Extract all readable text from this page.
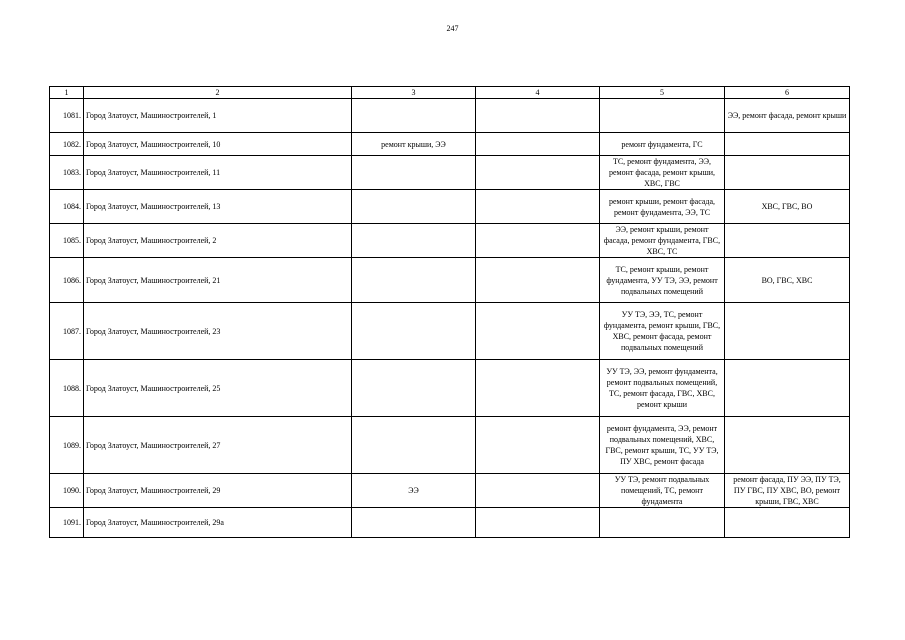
247
1	2	3	4	5	6
1081.	Город Златоуст, Машиностроителей, 1				ЭЭ, ремонт фасада, ремонт крыши
1082.	Город Златоуст, Машиностроителей, 10	ремонт крыши, ЭЭ		ремонт фундамента, ГС	
1083.	Город Златоуст, Машиностроителей, 11			ТС, ремонт фундамента, ЭЭ, ремонт фасада, ремонт крыши, ХВС, ГВС	
1084.	Город Златоуст, Машиностроителей, 13			ремонт крыши, ремонт фасада, ремонт фундамента, ЭЭ, ТС	ХВС, ГВС, ВО
1085.	Город Златоуст, Машиностроителей, 2			ЭЭ, ремонт крыши, ремонт фасада, ремонт фундамента, ГВС, ХВС, ТС	
1086.	Город Златоуст, Машиностроителей, 21			ТС, ремонт крыши, ремонт фундамента, УУ ТЭ, ЭЭ, ремонт подвальных помещений	ВО, ГВС, ХВС
1087.	Город Златоуст, Машиностроителей, 23			УУ ТЭ, ЭЭ, ТС, ремонт фундамента, ремонт крыши, ГВС, ХВС, ремонт фасада, ремонт подвальных помещений	
1088.	Город Златоуст, Машиностроителей, 25			УУ ТЭ, ЭЭ, ремонт фундамента, ремонт подвальных помещений, ТС, ремонт фасада, ГВС, ХВС, ремонт крыши	
1089.	Город Златоуст, Машиностроителей, 27			ремонт фундамента, ЭЭ, ремонт подвальных помещений, ХВС, ГВС, ремонт крыши, ТС, УУ ТЭ, ПУ ХВС, ремонт фасада	
1090.	Город Златоуст, Машиностроителей, 29	ЭЭ		УУ ТЭ, ремонт подвальных помещений, ТС, ремонт фундамента	ремонт фасада, ПУ ЭЭ, ПУ ТЭ, ПУ ГВС, ПУ ХВС, ВО, ремонт крыши, ГВС, ХВС
1091.	Город Златоуст, Машиностроителей, 29а				
